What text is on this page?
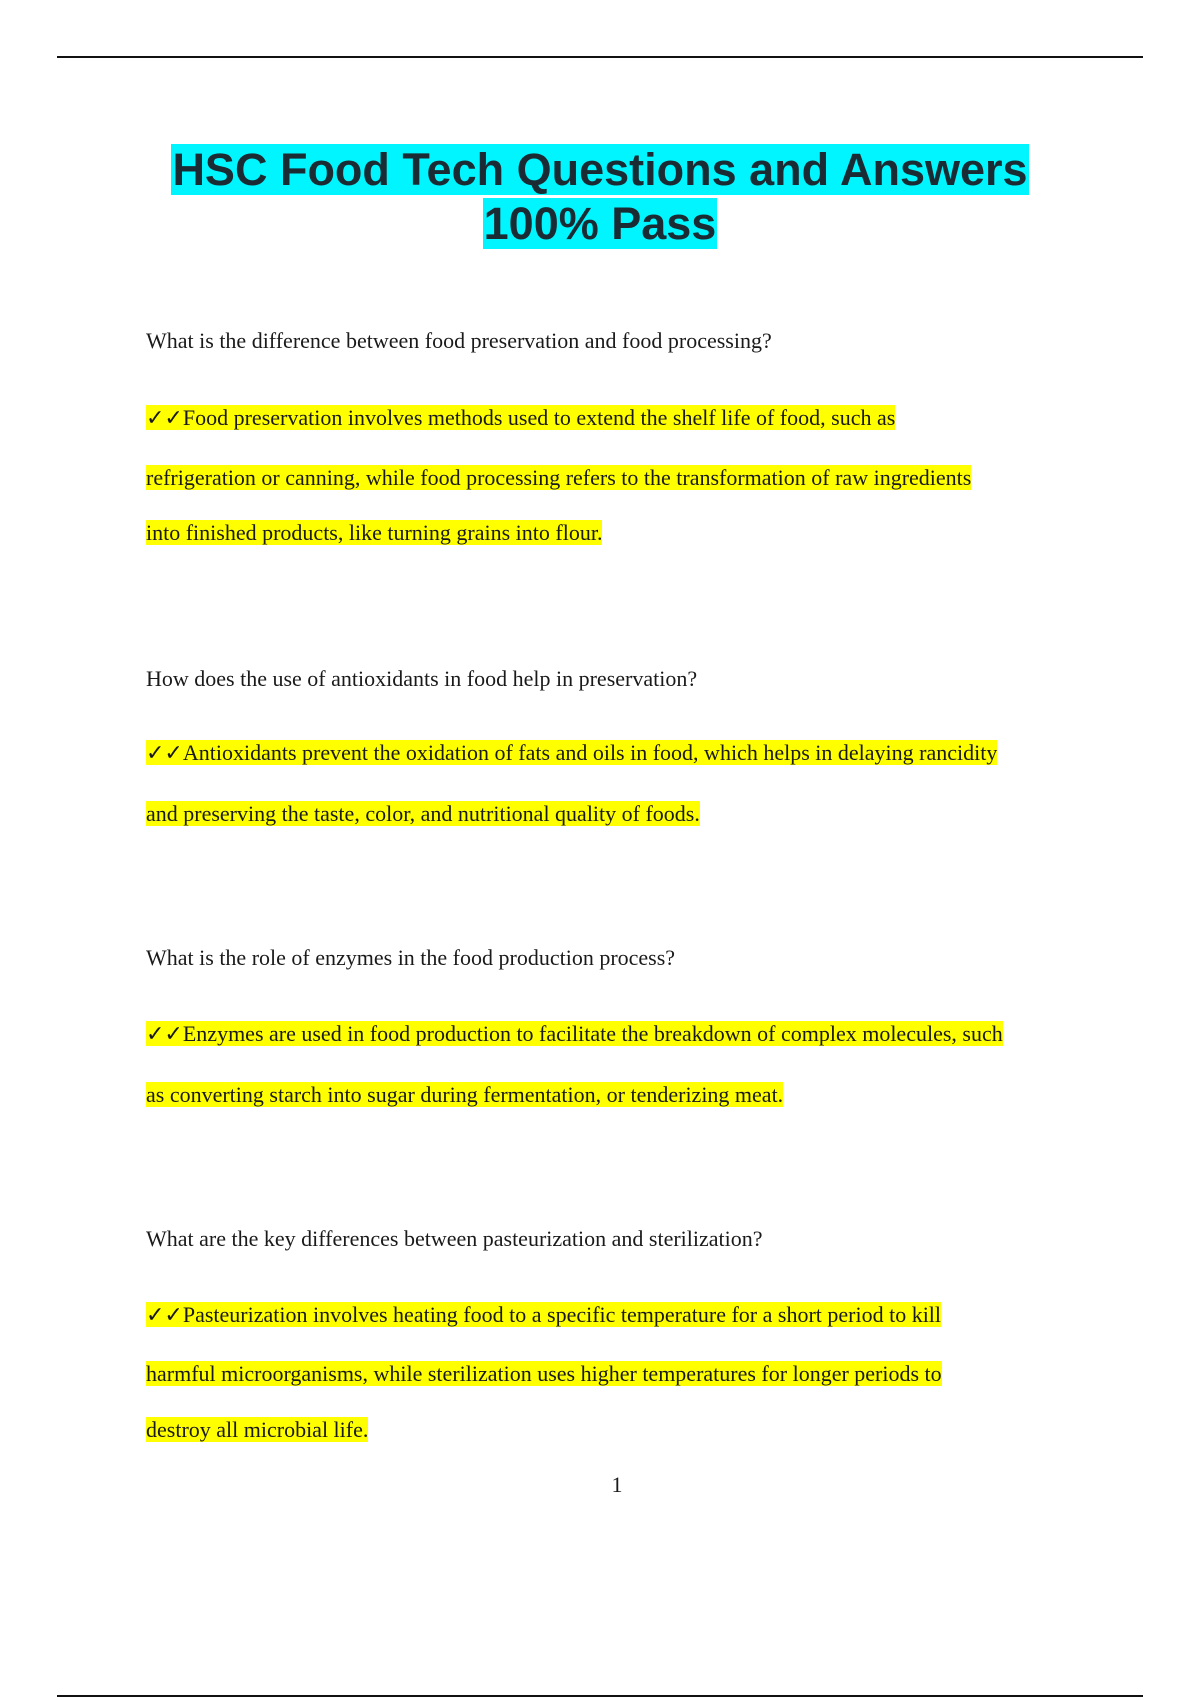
HSC Food Tech Questions and Answers
100% Pass
What is the difference between food preservation and food processing?
✓✓Food preservation involves methods used to extend the shelf life of food, such as
refrigeration or canning, while food processing refers to the transformation of raw ingredients
into finished products, like turning grains into flour.
How does the use of antioxidants in food help in preservation?
✓✓Antioxidants prevent the oxidation of fats and oils in food, which helps in delaying rancidity
and preserving the taste, color, and nutritional quality of foods.
What is the role of enzymes in the food production process?
✓✓Enzymes are used in food production to facilitate the breakdown of complex molecules, such
as converting starch into sugar during fermentation, or tenderizing meat.
What are the key differences between pasteurization and sterilization?
✓✓Pasteurization involves heating food to a specific temperature for a short period to kill
harmful microorganisms, while sterilization uses higher temperatures for longer periods to
destroy all microbial life.
1
